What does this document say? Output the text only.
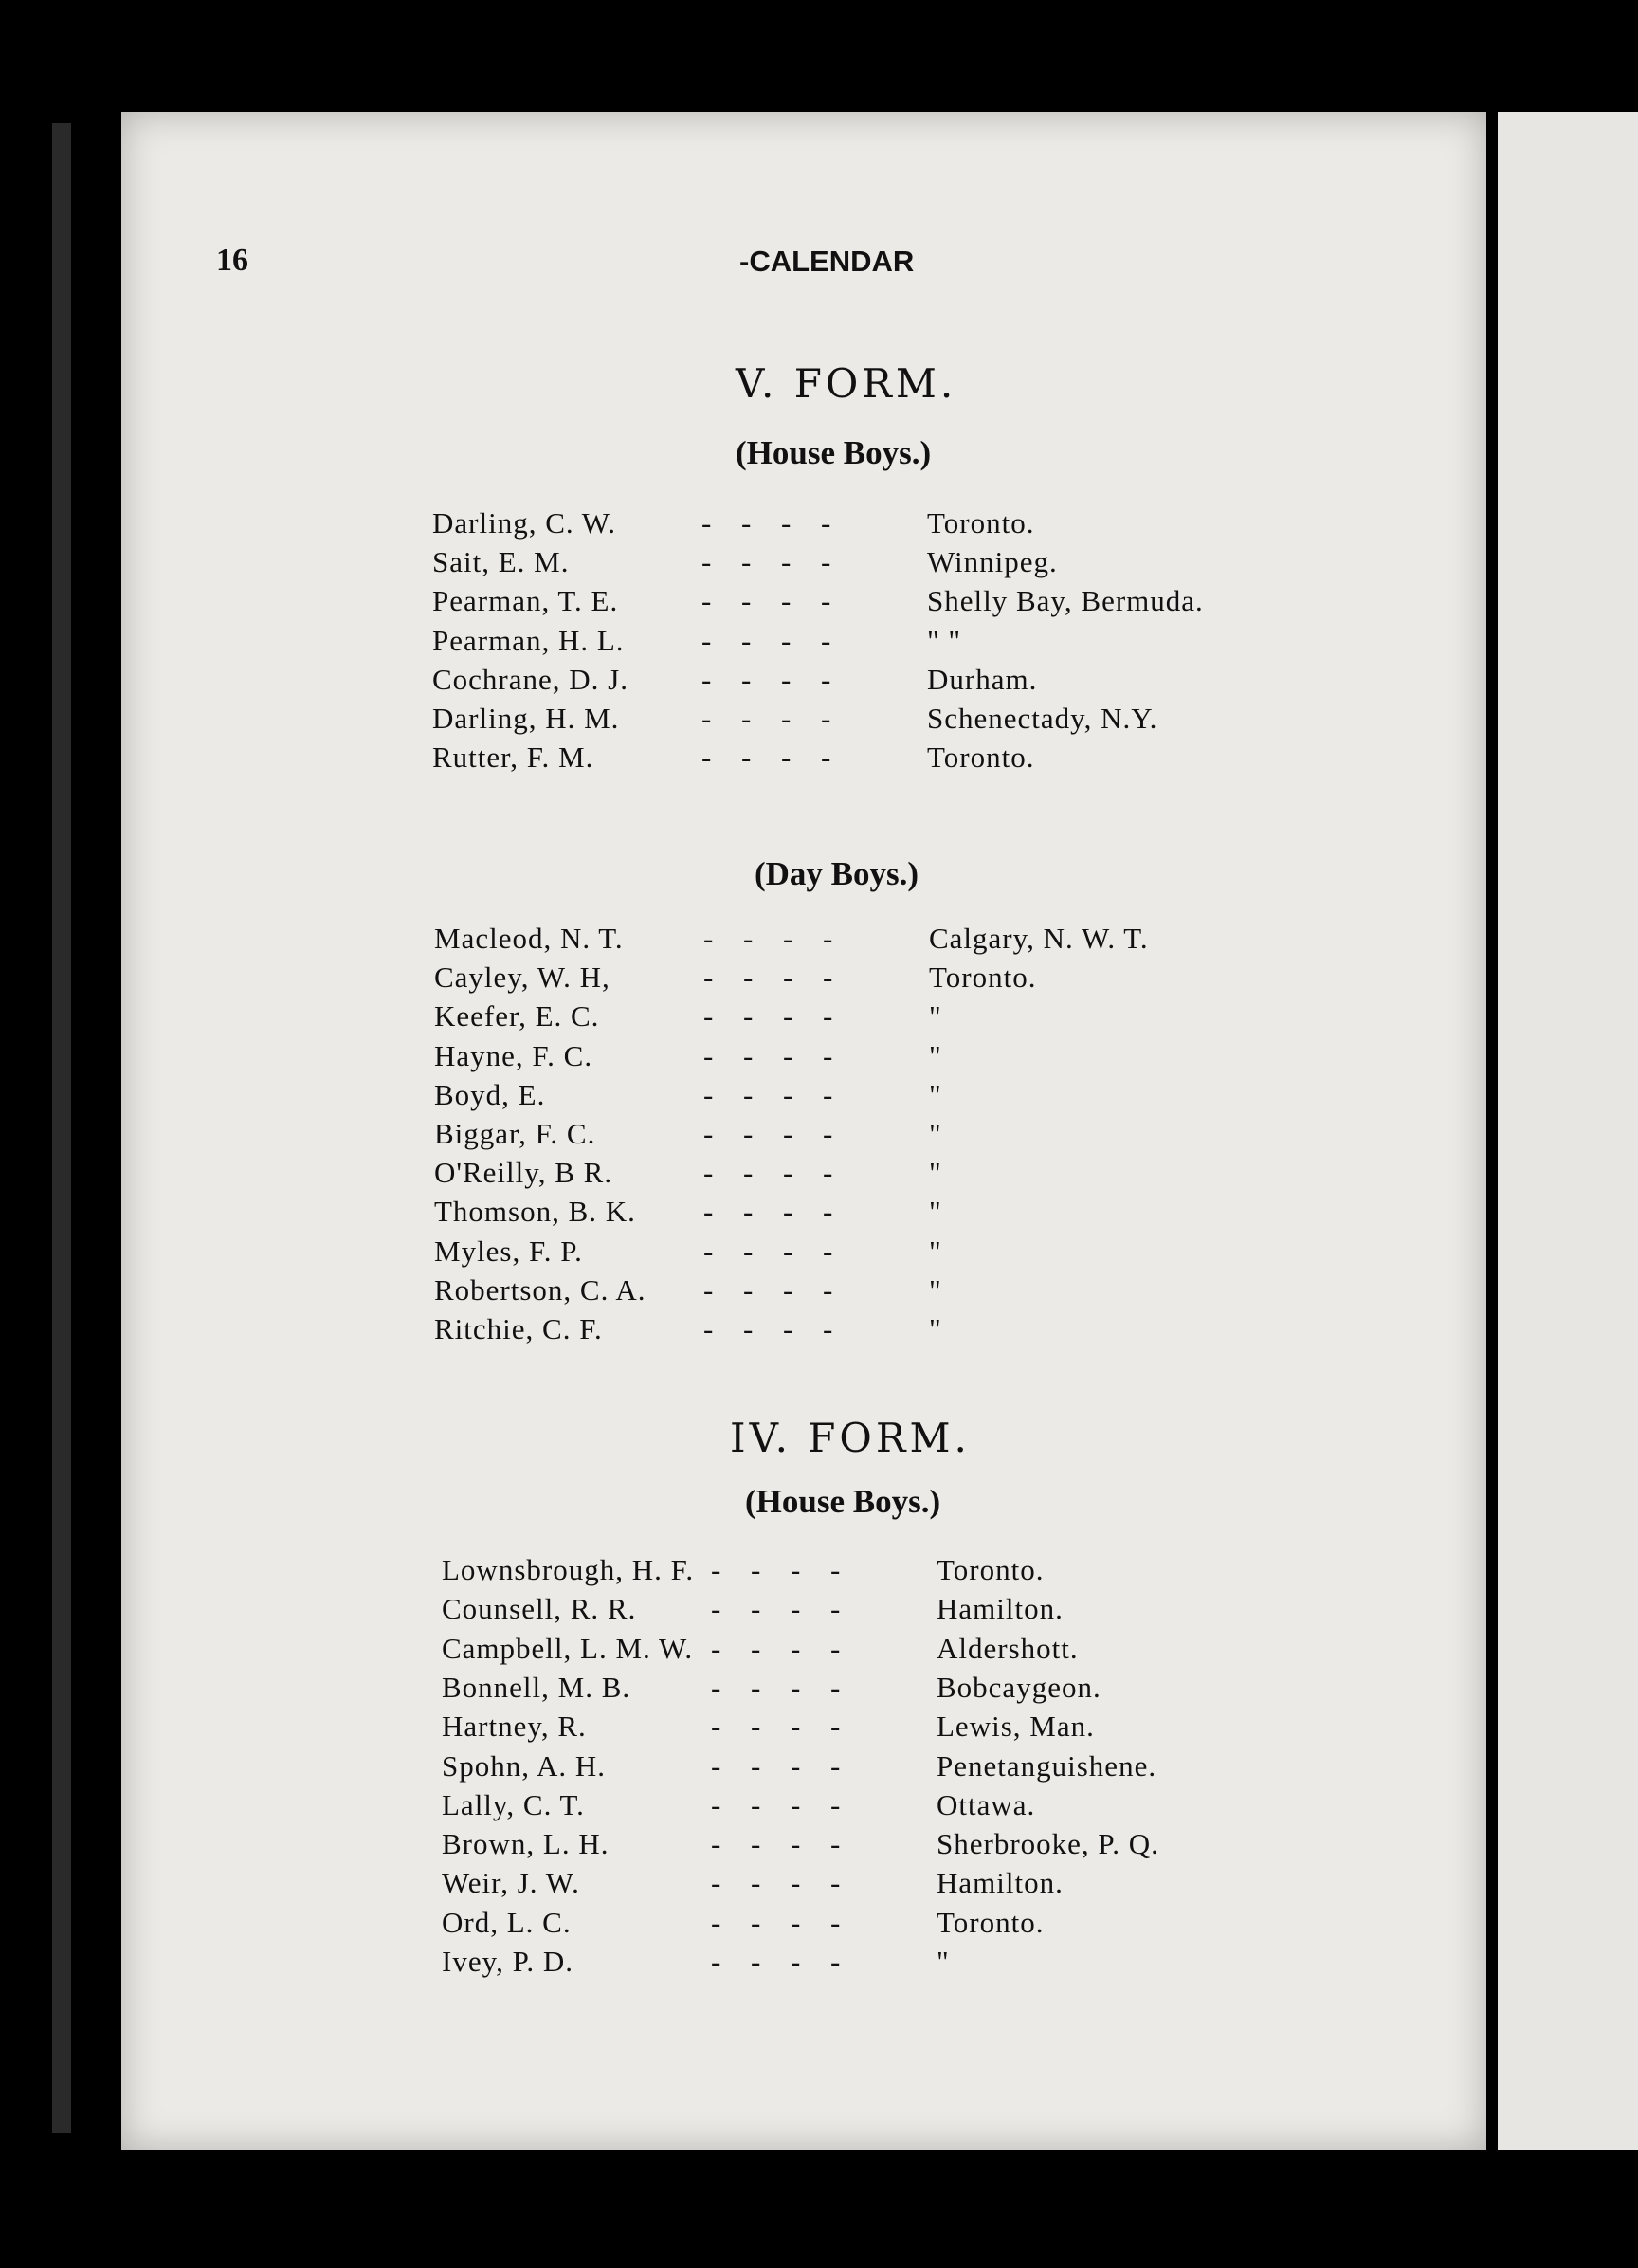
16	-CALENDAR
V. FORM.
(House Boys.)
Darling, C. W.	- - - -	Toronto.
Sait, E. M.	- - - -	Winnipeg.
Pearman, T. E.	- - - -	Shelly Bay, Bermuda.
Pearman, H. L.	- - - -	" "
Cochrane, D. J. - - - -	Durham.
Darling, H. M.	- - - -	Schenectady, N.Y.
Rutter, F. M.	- - - -	Toronto.
(Day Boys.)
Macleod, N. T.	- - - -	Calgary, N. W. T.
Cayley, W. H,	- - - -	Toronto.
Keefer, E. C.	- - - -	"
Hayne, F. C.	- - - -	"
Boyd, E.	- - - -	"
Biggar, F. C.	- - - -	"
O'Reilly, B R.	- - - -	"
Thomson, B. K. - - - -	"
Myles, F. P.	- - - -	"
Robertson, C. A. - - - -	"
Ritchie, C. F.	- - - -	"
IV. FORM.
(House Boys.)
Lownsbrough, H. F. - - - -	Toronto.
Counsell, R. R.	- - - -	Hamilton.
Campbell, L. M. W. - - - -	Aldershott.
Bonnell, M. B.	- - - -	Bobcaygeon.
Hartney, R.	- - - -	Lewis, Man.
Spohn, A. H.	- - - -	Penetanguishene.
Lally, C. T.	- - - -	Ottawa.
Brown, L. H.	- - - -	Sherbrooke, P. Q.
Weir, J. W.	- - - -	Hamilton.
Ord, L. C.	- - - -	Toronto.
Ivey, P. D.	- - - -	"
